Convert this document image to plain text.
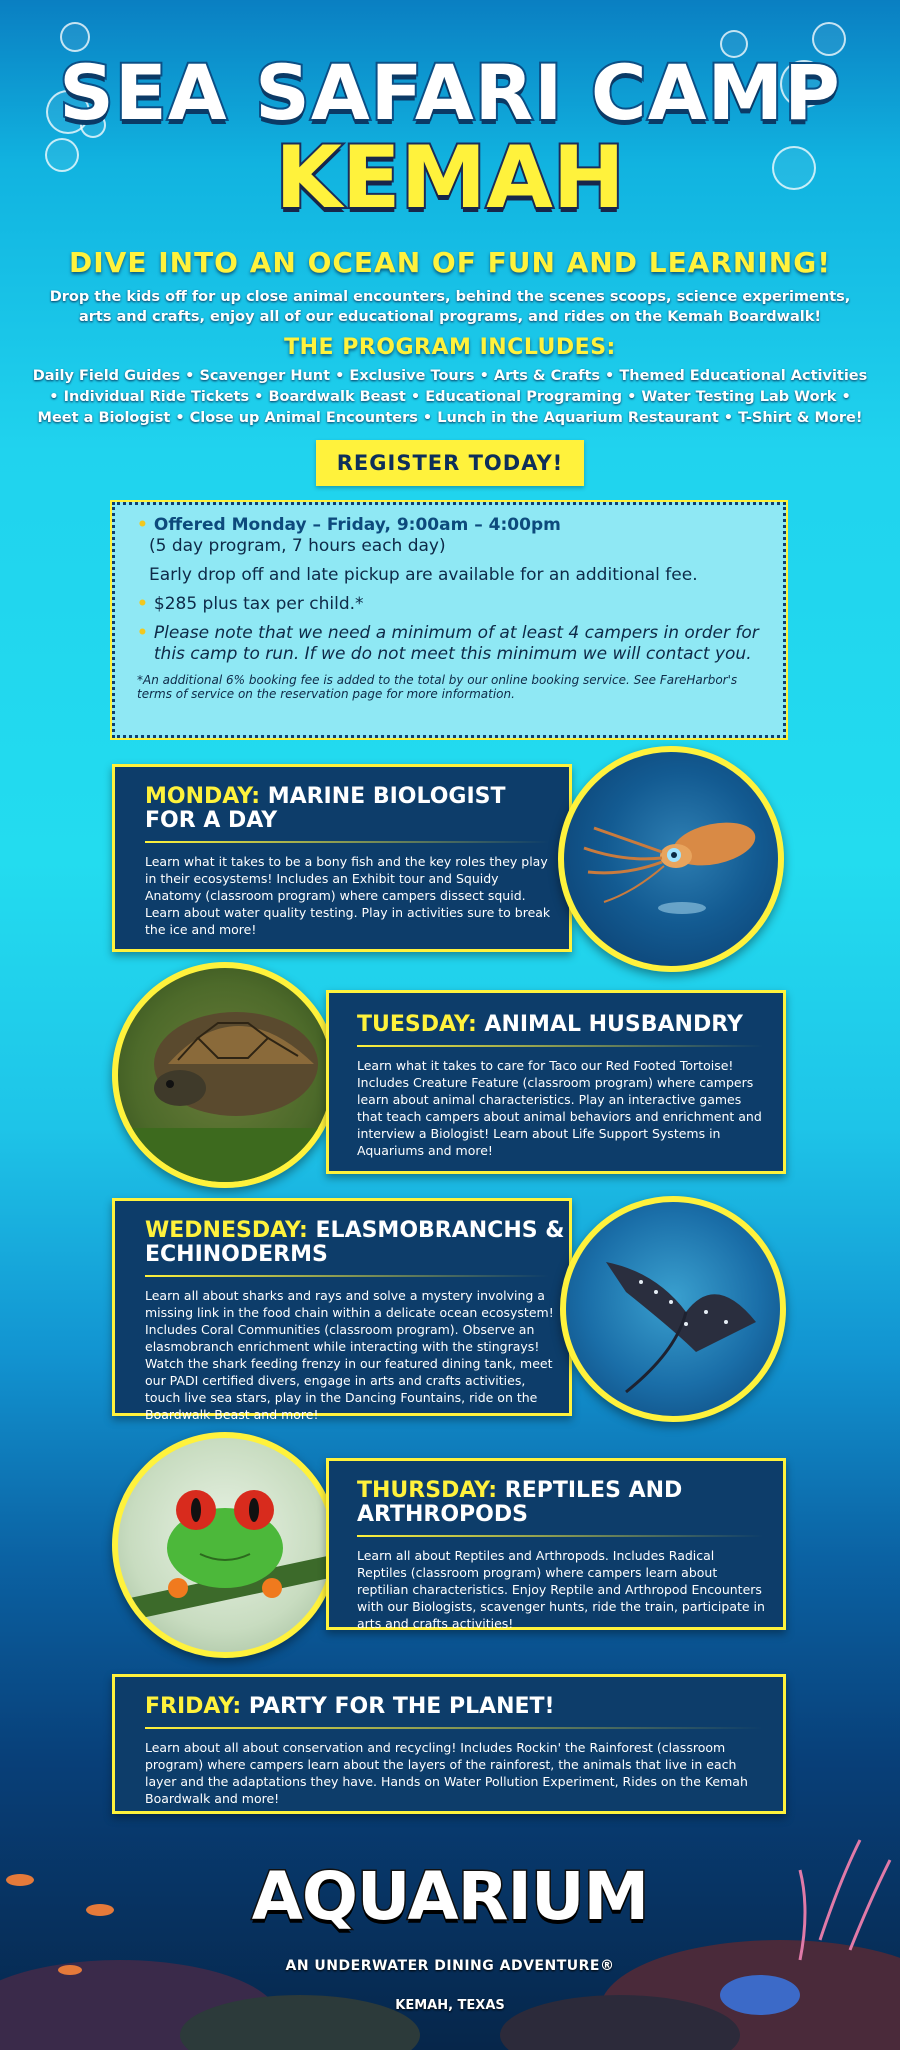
SEA SAFARI CAMP
KEMAH
DIVE INTO AN OCEAN OF FUN AND LEARNING!
Drop the kids off for up close animal encounters, behind the scenes scoops, science experiments, arts and crafts, enjoy all of our educational programs, and rides on the Kemah Boardwalk!
THE PROGRAM INCLUDES:
Daily Field Guides • Scavenger Hunt • Exclusive Tours • Arts & Crafts • Themed Educational Activities • Individual Ride Tickets • Boardwalk Beast • Educational Programing • Water Testing Lab Work • Meet a Biologist • Close up Animal Encounters • Lunch in the Aquarium Restaurant • T-Shirt & More!
REGISTER TODAY!
• Offered Monday – Friday, 9:00am – 4:00pm
(5 day program, 7 hours each day)
Early drop off and late pickup are available for an additional fee.
• $285 plus tax per child.*
• Please note that we need a minimum of at least 4 campers in order for this camp to run. If we do not meet this minimum we will contact you.
*An additional 6% booking fee is added to the total by our online booking service. See FareHarbor's terms of service on the reservation page for more information.
MONDAY: MARINE BIOLOGIST FOR A DAY

Learn what it takes to be a bony fish and the key roles they play in their ecosystems! Includes an Exhibit tour and Squidy Anatomy (classroom program) where campers dissect squid. Learn about water quality testing. Play in activities sure to break the ice and more!

TUESDAY: ANIMAL HUSBANDRY

Learn what it takes to care for Taco our Red Footed Tortoise! Includes Creature Feature (classroom program) where campers learn about animal characteristics. Play an interactive games that teach campers about animal behaviors and enrichment and interview a Biologist! Learn about Life Support Systems in Aquariums and more!

WEDNESDAY: ELASMOBRANCHS & ECHINODERMS

Learn all about sharks and rays and solve a mystery involving a missing link in the food chain within a delicate ocean ecosystem! Includes Coral Communities (classroom program). Observe an elasmobranch enrichment while interacting with the stingrays! Watch the shark feeding frenzy in our featured dining tank, meet our PADI certified divers, engage in arts and crafts activities, touch live sea stars, play in the Dancing Fountains, ride on the Boardwalk Beast and more!

THURSDAY: REPTILES AND ARTHROPODS

Learn all about Reptiles and Arthropods. Includes Radical Reptiles (classroom program) where campers learn about reptilian characteristics. Enjoy Reptile and Arthropod Encounters with our Biologists, scavenger hunts, ride the train, participate in arts and crafts activities!

FRIDAY: PARTY FOR THE PLANET!

Learn about all about conservation and recycling! Includes Rockin' the Rainforest (classroom program) where campers learn about the layers of the rainforest, the animals that live in each layer and the adaptations they have. Hands on Water Pollution Experiment, Rides on the Kemah Boardwalk and more!

AQUARIUM
AN UNDERWATER DINING ADVENTURE®
KEMAH, TEXAS
